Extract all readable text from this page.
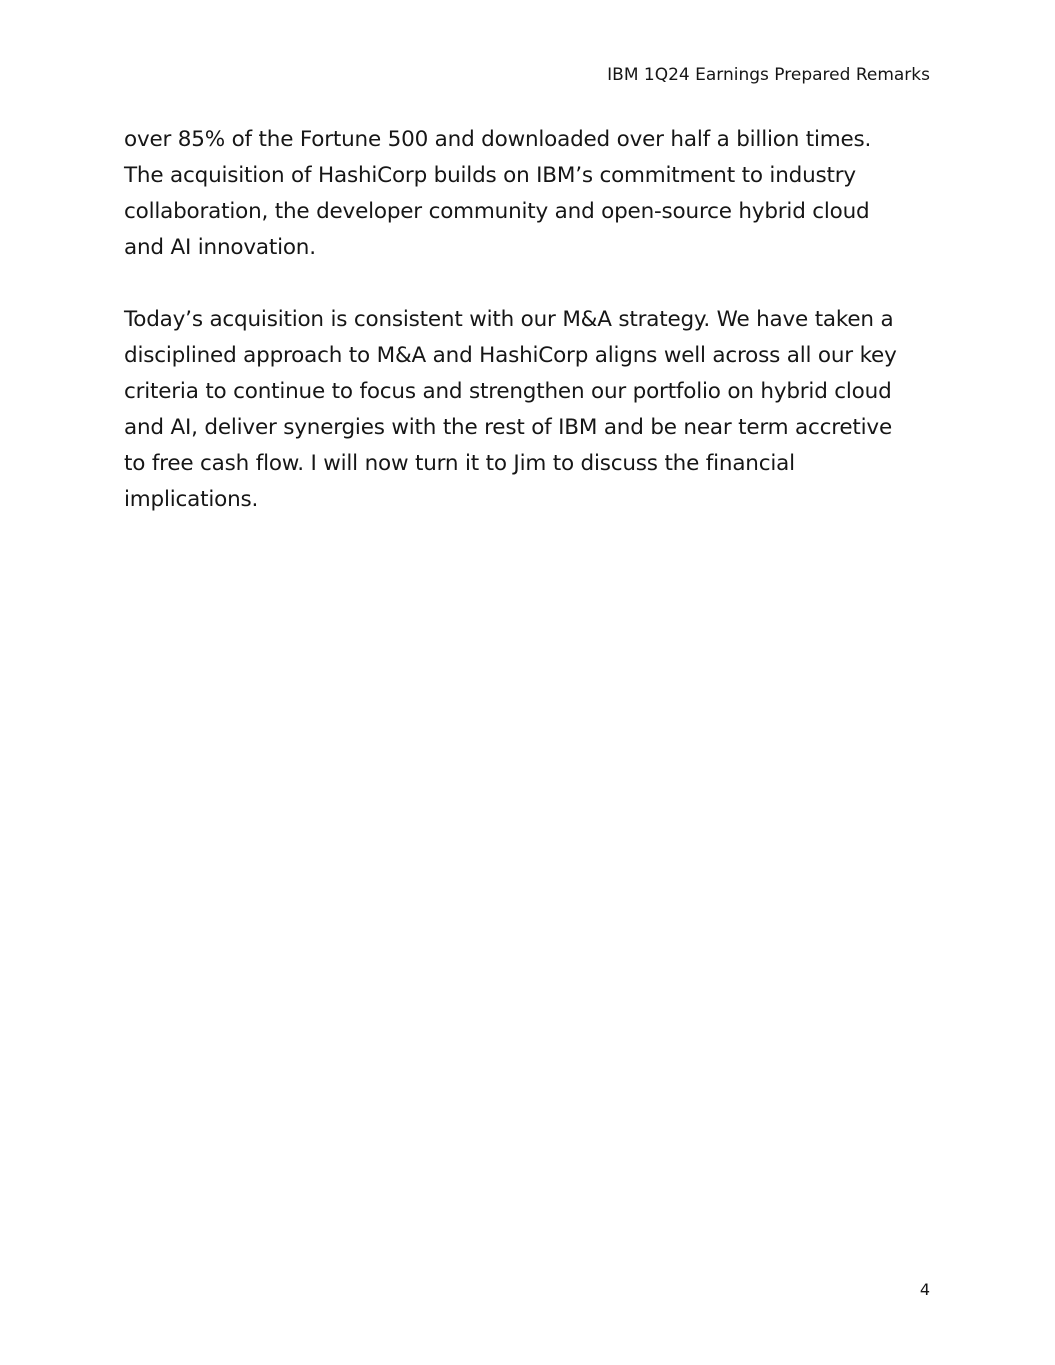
IBM 1Q24 Earnings Prepared Remarks

over 85% of the Fortune 500 and downloaded over half a billion times.
The acquisition of HashiCorp builds on IBM’s commitment to industry
collaboration, the developer community and open-source hybrid cloud
and AI innovation.

Today’s acquisition is consistent with our M&A strategy. We have taken a
disciplined approach to M&A and HashiCorp aligns well across all our key
criteria to continue to focus and strengthen our portfolio on hybrid cloud
and AI, deliver synergies with the rest of IBM and be near term accretive
to free cash flow. I will now turn it to Jim to discuss the financial
implications.

4
